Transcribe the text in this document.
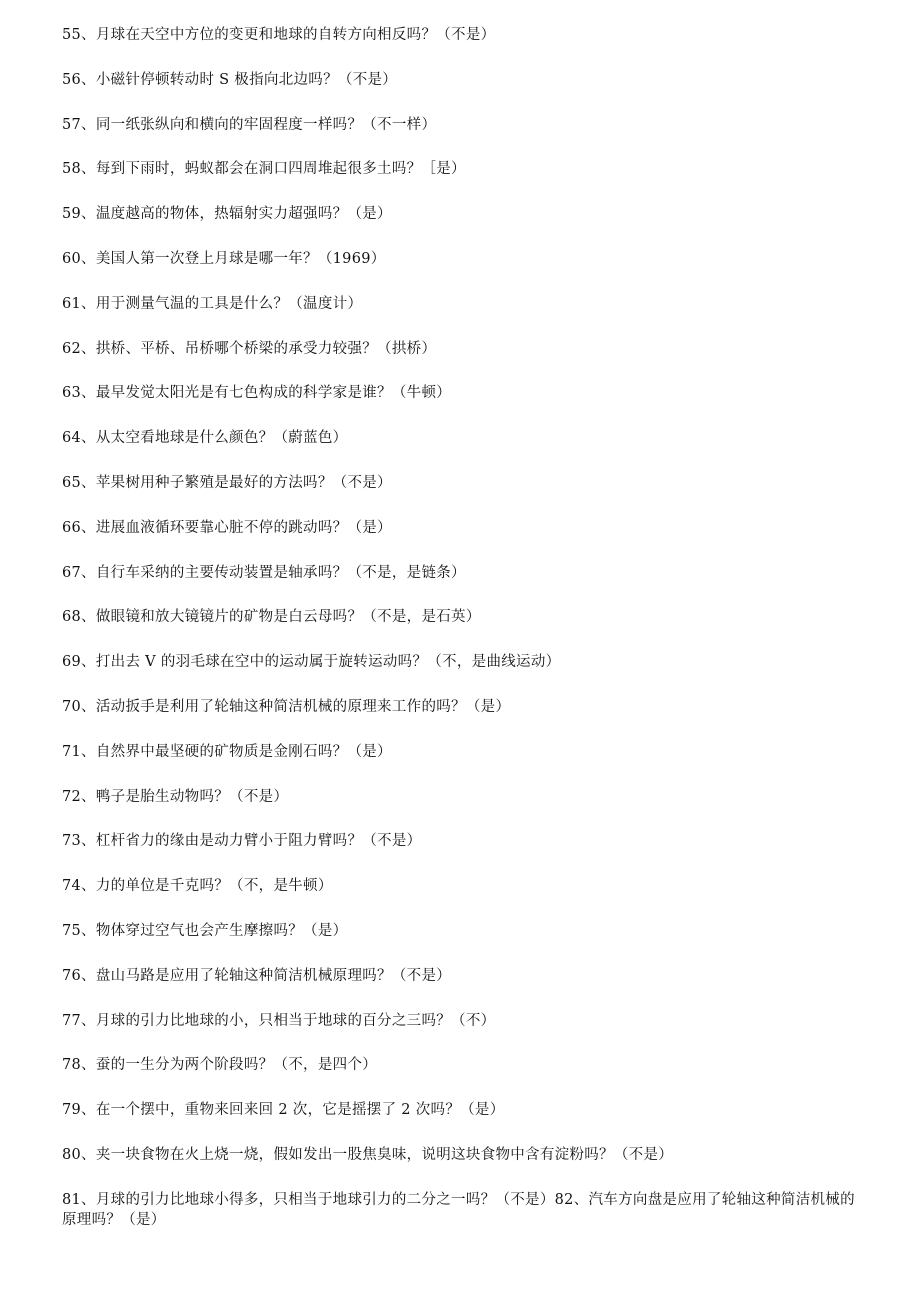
55、月球在天空中方位的变更和地球的自转方向相反吗？（不是）
56、小磁针停顿转动时 S 极指向北边吗？（不是）
57、同一纸张纵向和横向的牢固程度一样吗？（不一样）
58、每到下雨时，蚂蚁都会在洞口四周堆起很多土吗？［是）
59、温度越高的物体，热辐射实力超强吗？（是）
60、美国人第一次登上月球是哪一年？（1969）
61、用于测量气温的工具是什么？（温度计）
62、拱桥、平桥、吊桥哪个桥梁的承受力较强？（拱桥）
63、最早发觉太阳光是有七色构成的科学家是谁？（牛顿）
64、从太空看地球是什么颜色？（蔚蓝色）
65、苹果树用种子繁殖是最好的方法吗？（不是）
66、进展血液循环要靠心脏不停的跳动吗？（是）
67、自行车采纳的主要传动装置是轴承吗？（不是，是链条）
68、做眼镜和放大镜镜片的矿物是白云母吗？（不是，是石英）
69、打出去 V 的羽毛球在空中的运动属于旋转运动吗？（不，是曲线运动）
70、活动扳手是利用了轮轴这种简洁机械的原理来工作的吗？（是）
71、自然界中最坚硬的矿物质是金刚石吗？（是）
72、鸭子是胎生动物吗？（不是）
73、杠杆省力的缘由是动力臂小于阻力臂吗？（不是）
74、力的单位是千克吗？（不，是牛顿）
75、物体穿过空气也会产生摩擦吗？（是）
76、盘山马路是应用了轮轴这种简洁机械原理吗？（不是）
77、月球的引力比地球的小，只相当于地球的百分之三吗？（不）
78、蚕的一生分为两个阶段吗？（不，是四个）
79、在一个摆中，重物来回来回 2 次，它是摇摆了 2 次吗？（是）
80、夹一块食物在火上烧一烧，假如发出一股焦臭味，说明这块食物中含有淀粉吗？（不是）
81、月球的引力比地球小得多，只相当于地球引力的二分之一吗？（不是）82、汽车方向盘是应用了轮轴这种简洁机械的原理吗？（是）
